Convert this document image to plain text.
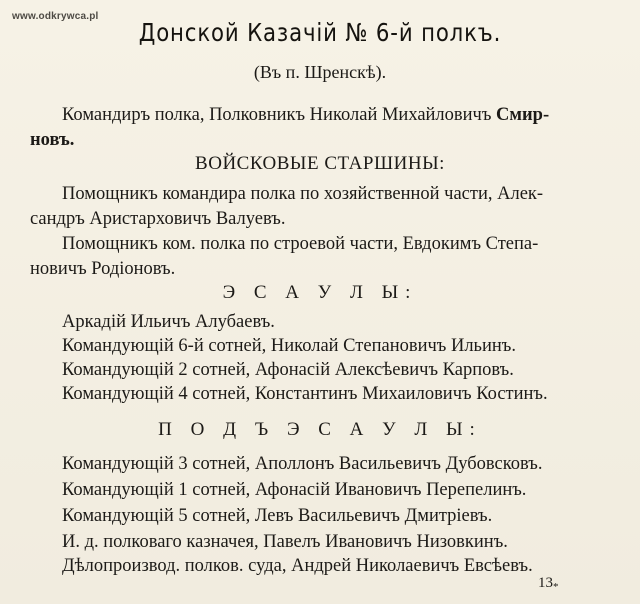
www.odkrywca.pl
Донской Казачій № 6-й полкъ.
(Въ п. Шренскѣ).
Командиръ полка, Полковникъ Николай Михайловичъ Смир-
новъ.
ВОЙСКОВЫЕ СТАРШИНЫ:
Помощникъ командира полка по хозяйственной части, Алек-
сандръ Аристарховичъ Валуевъ.
Помощникъ ком. полка по строевой части, Евдокимъ Степа-
новичъ Родіоновъ.
Э С А У Л Ы:
Аркадій Ильичъ Алубаевъ.
Командующій 6-й сотней, Николай Степановичъ Ильинъ.
Командующій 2 сотней, Афонасій Алексѣевичъ Карповъ.
Командующій 4 сотней, Константинъ Михаиловичъ Костинъ.
П О Д Ъ Э С А У Л Ы:
Командующій 3 сотней, Аполлонъ Васильевичъ Дубовсковъ.
Командующій 1 сотней, Афонасій Ивановичъ Перепелинъ.
Командующій 5 сотней, Левъ Васильевичъ Дмитріевъ.
И. д. полковаго казначея, Павелъ Ивановичъ Низовкинъ.
Дѣлопроизвод. полков. суда, Андрей Николаевичъ Евсѣевъ.
$13_*$
